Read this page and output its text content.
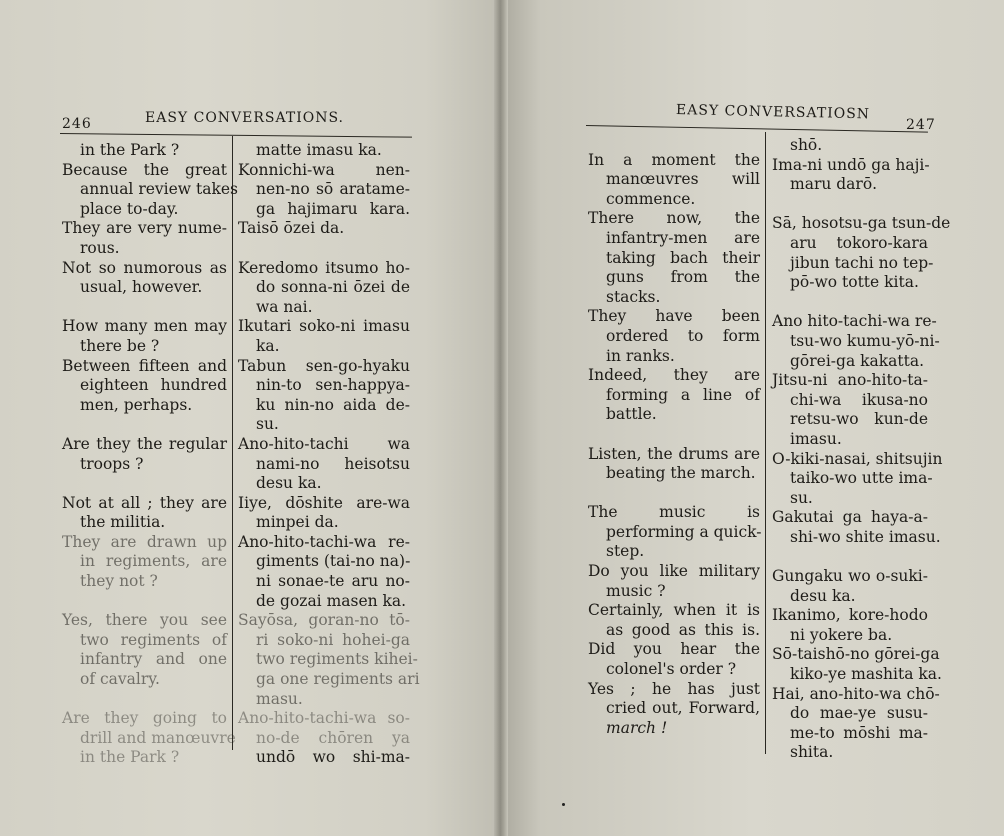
246	EASY CONVERSATIONS.	EASY CONVERSATIOSN
247
in the Park ?
Because the great
annual review takes
place to-day.
They are very nume-
rous.
Not so numorous as
usual, however.
How many men may
there be ?
Between fifteen and
eighteen hundred
men, perhaps.
Are they the regular
troops ?
Not at all ; they are
the militia.
They are drawn up
in regiments, are
they not ?
Yes, there you see
two regiments of
infantry and one
of cavalry.
Are they going to
drill and manœuvre
in the Park ?
matte imasu ka.
Konnichi-wa nen-
nen-no sō aratame-
ga hajimaru kara.
Taisō ōzei da.
Keredomo itsumo ho-
do sonna-ni ōzei de
wa nai.
Ikutari soko-ni imasu
ka.
Tabun sen-go-hyaku
nin-to sen-happya-
ku nin-no aida de-
su.
Ano-hito-tachi wa
nami-no heisotsu
desu ka.
Iiye, dōshite are-wa
minpei da.
Ano-hito-tachi-wa re-
giments (tai-no na)-
ni sonae-te aru no-
de gozai masen ka.
Sayōsa, goran-no tō-
ri soko-ni hohei-ga
two regiments kihei-
ga one regiments ari
masu.
Ano-hito-tachi-wa so-
no-de chōren ya
undō wo shi-ma-
In a moment the
manœuvres will
commence.
There now, the
infantry-men are
taking bach their
guns from the
stacks.
They have been
ordered to form
in ranks.
Indeed, they are
forming a line of
battle.
Listen, the drums are
beating the march.
The music is
performing a quick-
step.
Do you like military
music ?
Certainly, when it is
as good as this is.
Did you hear the
colonel's order ?
Yes ; he has just
cried out, Forward,
march !
shō.
Ima-ni undō ga haji-
maru darō.
Sā, hosotsu-ga tsun-de
aru tokoro-kara
jibun tachi no tep-
pō-wo totte kita.
Ano hito-tachi-wa re-
tsu-wo kumu-yō-ni-
gōrei-ga kakatta.
Jitsu-ni ano-hito-ta-
chi-wa ikusa-no
retsu-wo kun-de
imasu.
O-kiki-nasai, shitsujin
taiko-wo utte ima-
su.
Gakutai ga haya-a-
shi-wo shite imasu.
Gungaku wo o-suki-
desu ka.
Ikanimo, kore-hodo
ni yokere ba.
Sō-taishō-no gōrei-ga
kiko-ye mashita ka.
Hai, ano-hito-wa chō-
do mae-ye susu-
me-to mōshi ma-
shita.
